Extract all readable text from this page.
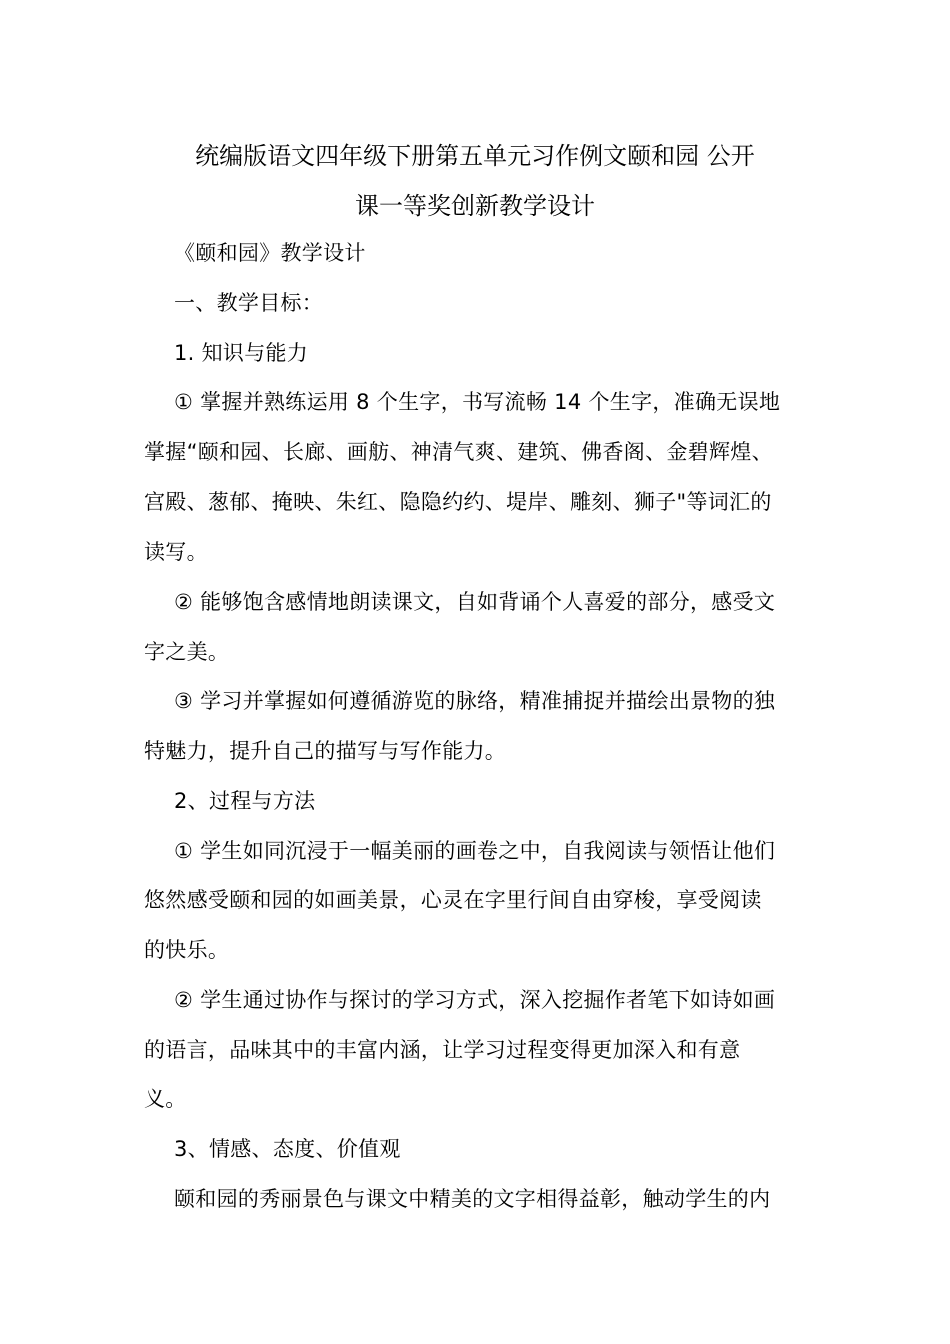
统编版语文四年级下册第五单元习作例文颐和园 公开
课一等奖创新教学设计
《颐和园》教学设计
一、教学目标：
1. 知识与能力
① 掌握并熟练运用 8 个生字，书写流畅 14 个生字，准确无误地
掌握“颐和园、长廊、画舫、神清气爽、建筑、佛香阁、金碧辉煌、
宫殿、葱郁、掩映、朱红、隐隐约约、堤岸、雕刻、狮子"等词汇的
读写。
② 能够饱含感情地朗读课文，自如背诵个人喜爱的部分，感受文
字之美。
③ 学习并掌握如何遵循游览的脉络，精准捕捉并描绘出景物的独
特魅力，提升自己的描写与写作能力。
2、过程与方法
① 学生如同沉浸于一幅美丽的画卷之中，自我阅读与领悟让他们
悠然感受颐和园的如画美景，心灵在字里行间自由穿梭，享受阅读
的快乐。
② 学生通过协作与探讨的学习方式，深入挖掘作者笔下如诗如画
的语言，品味其中的丰富内涵，让学习过程变得更加深入和有意
义。
3、情感、态度、价值观
颐和园的秀丽景色与课文中精美的文字相得益彰，触动学生的内
